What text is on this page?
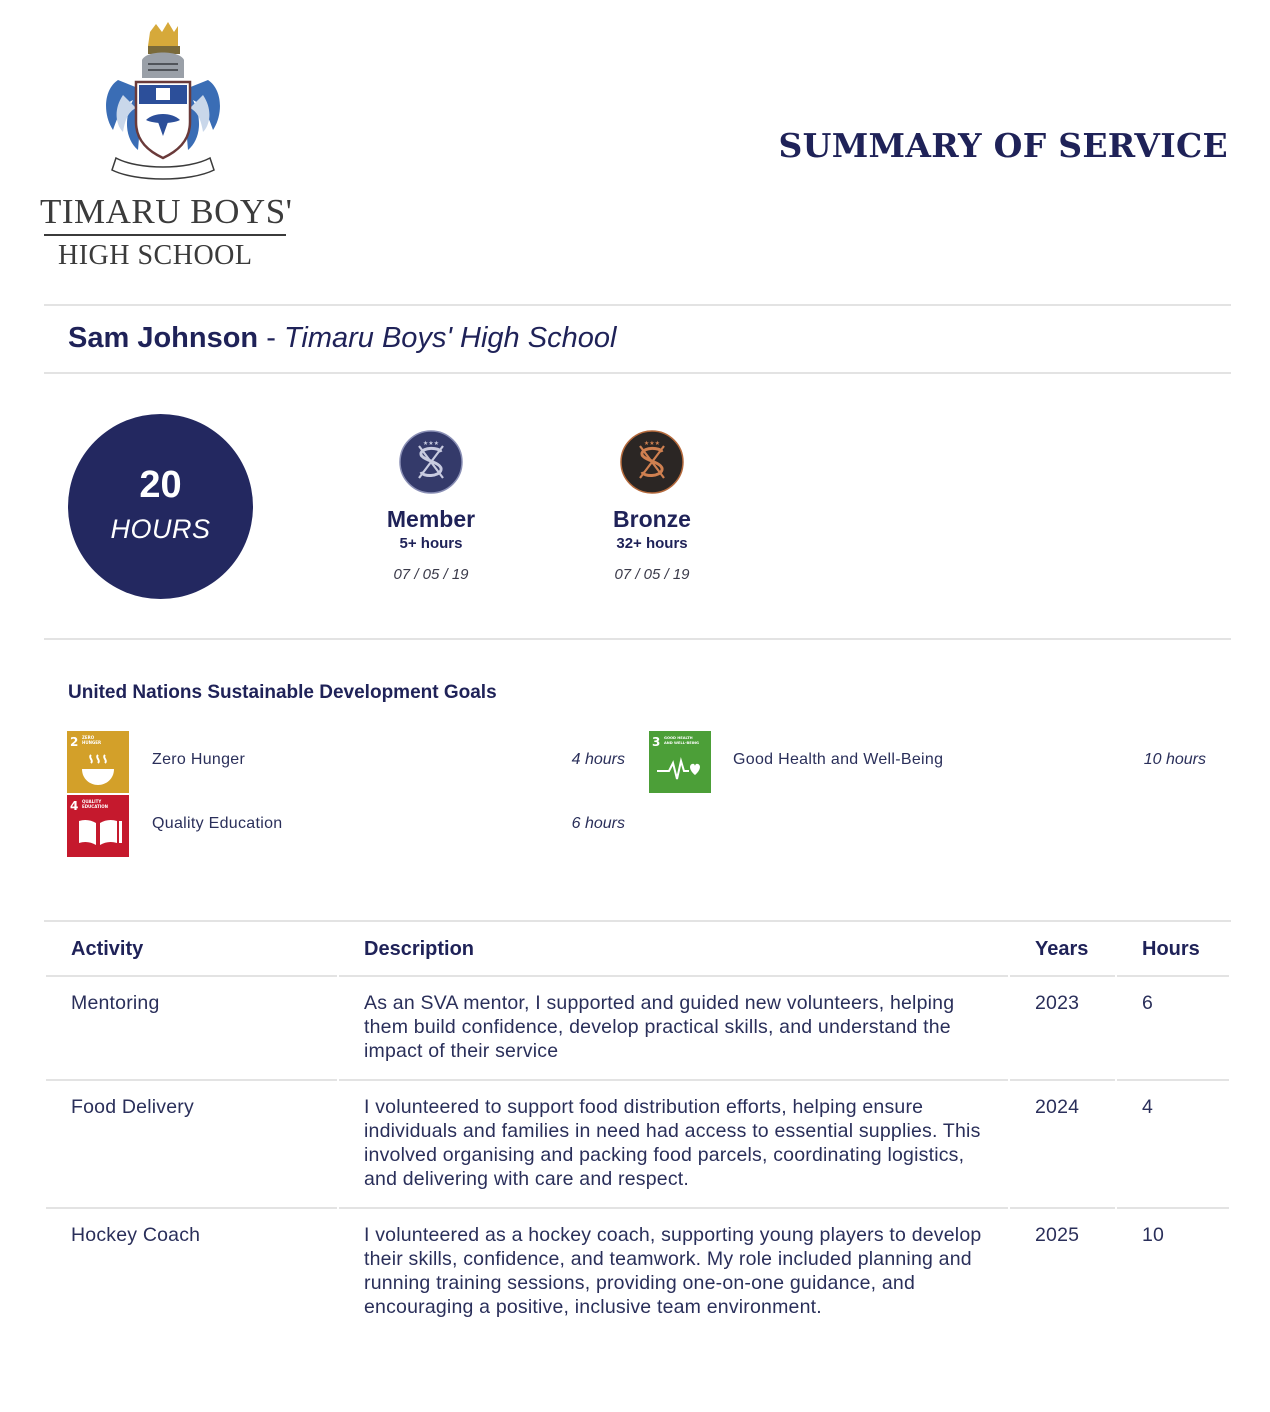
TIMARU BOYS'
HIGH SCHOOL
SUMMARY OF SERVICE
Sam Johnson - Timaru Boys' High School
20
HOURS
★★★
Member
5+ hours
07 / 05 / 19
★★★
Bronze
32+ hours
07 / 05 / 19
United Nations Sustainable Development Goals
2 ZERO
HUNGER
Zero Hunger	4 hours
3 GOOD HEALTH
AND WELL-BEING
Good Health and Well-Being	10 hours
4 QUALITY
EDUCATION
Quality Education	6 hours
Activity	Description	Years	Hours
Mentoring	As an SVA mentor, I supported and guided new volunteers, helping them build confidence, develop practical skills, and understand the impact of their service	2023	6
Food Delivery	I volunteered to support food distribution efforts, helping ensure individuals and families in need had access to essential supplies. This involved organising and packing food parcels, coordinating logistics, and delivering with care and respect.	2024	4
Hockey Coach	I volunteered as a hockey coach, supporting young players to develop their skills, confidence, and teamwork. My role included planning and running training sessions, providing one-on-one guidance, and encouraging a positive, inclusive team environment.	2025	10
